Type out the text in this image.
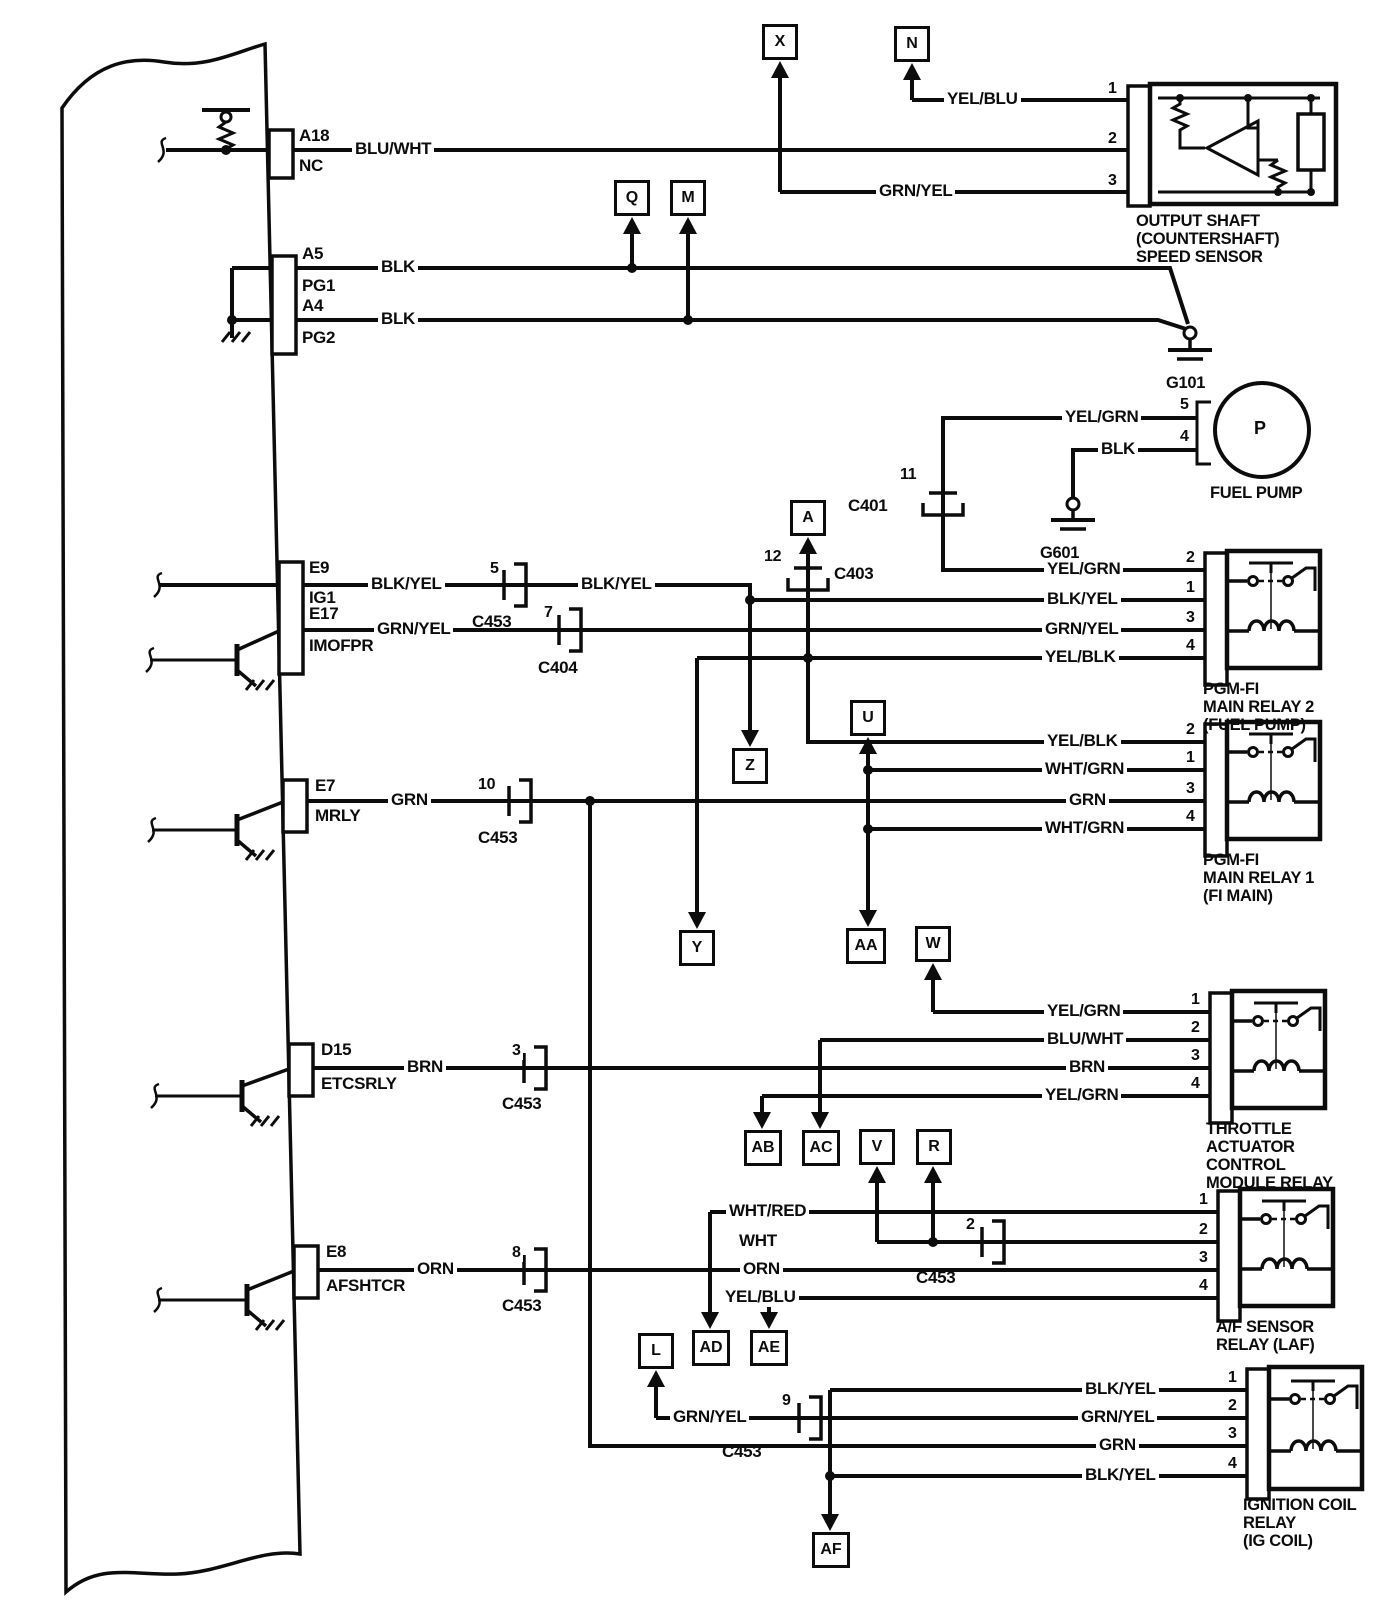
A18
NC
A5
PG1
A4
PG2
E9
IG1
E17
IMOFPR
E7
MRLY
D15
ETCSRLY
E8
AFSHTCR
BLU/WHT
BLK
BLK
YEL/BLU
GRN/YEL
YEL/GRN
BLK
BLK/YEL	BLK/YEL
GRN/YEL
GRN
BRN
ORN
YEL/GRN
BLK/YEL
GRN/YEL
YEL/BLK
YEL/BLK
WHT/GRN
GRN
WHT/GRN
YEL/GRN
BLU/WHT
BRN
YEL/GRN
WHT/RED
WHT
ORN
YEL/BLU
BLK/YEL
GRN/YEL
GRN
BLK/YEL
GRN/YEL
5
C453 7
C404
10
C453
3
C453
8
C453
2
C453
9
C453
12
C403
11
C401
1
2
3
5
4
2
1
3
4
2
1
3
4
1
2
3
4
1
2
3
4
1
2
3
4
OUTPUT SHAFT
(COUNTERSHAFT)
SPEED SENSOR
P
FUEL PUMP
PGM-FI
MAIN RELAY 2
(FUEL PUMP)
PGM-FI
MAIN RELAY 1
(FI MAIN)
THROTTLE
ACTUATOR
CONTROL
MODULE RELAY
A/F SENSOR
RELAY (LAF)
IGNITION COIL
RELAY
(IG COIL)
G101
G601
X	N
Q	M
A
U
Z
Y	AA	W
AB	AC	V	R
L	AD	AE
AF
